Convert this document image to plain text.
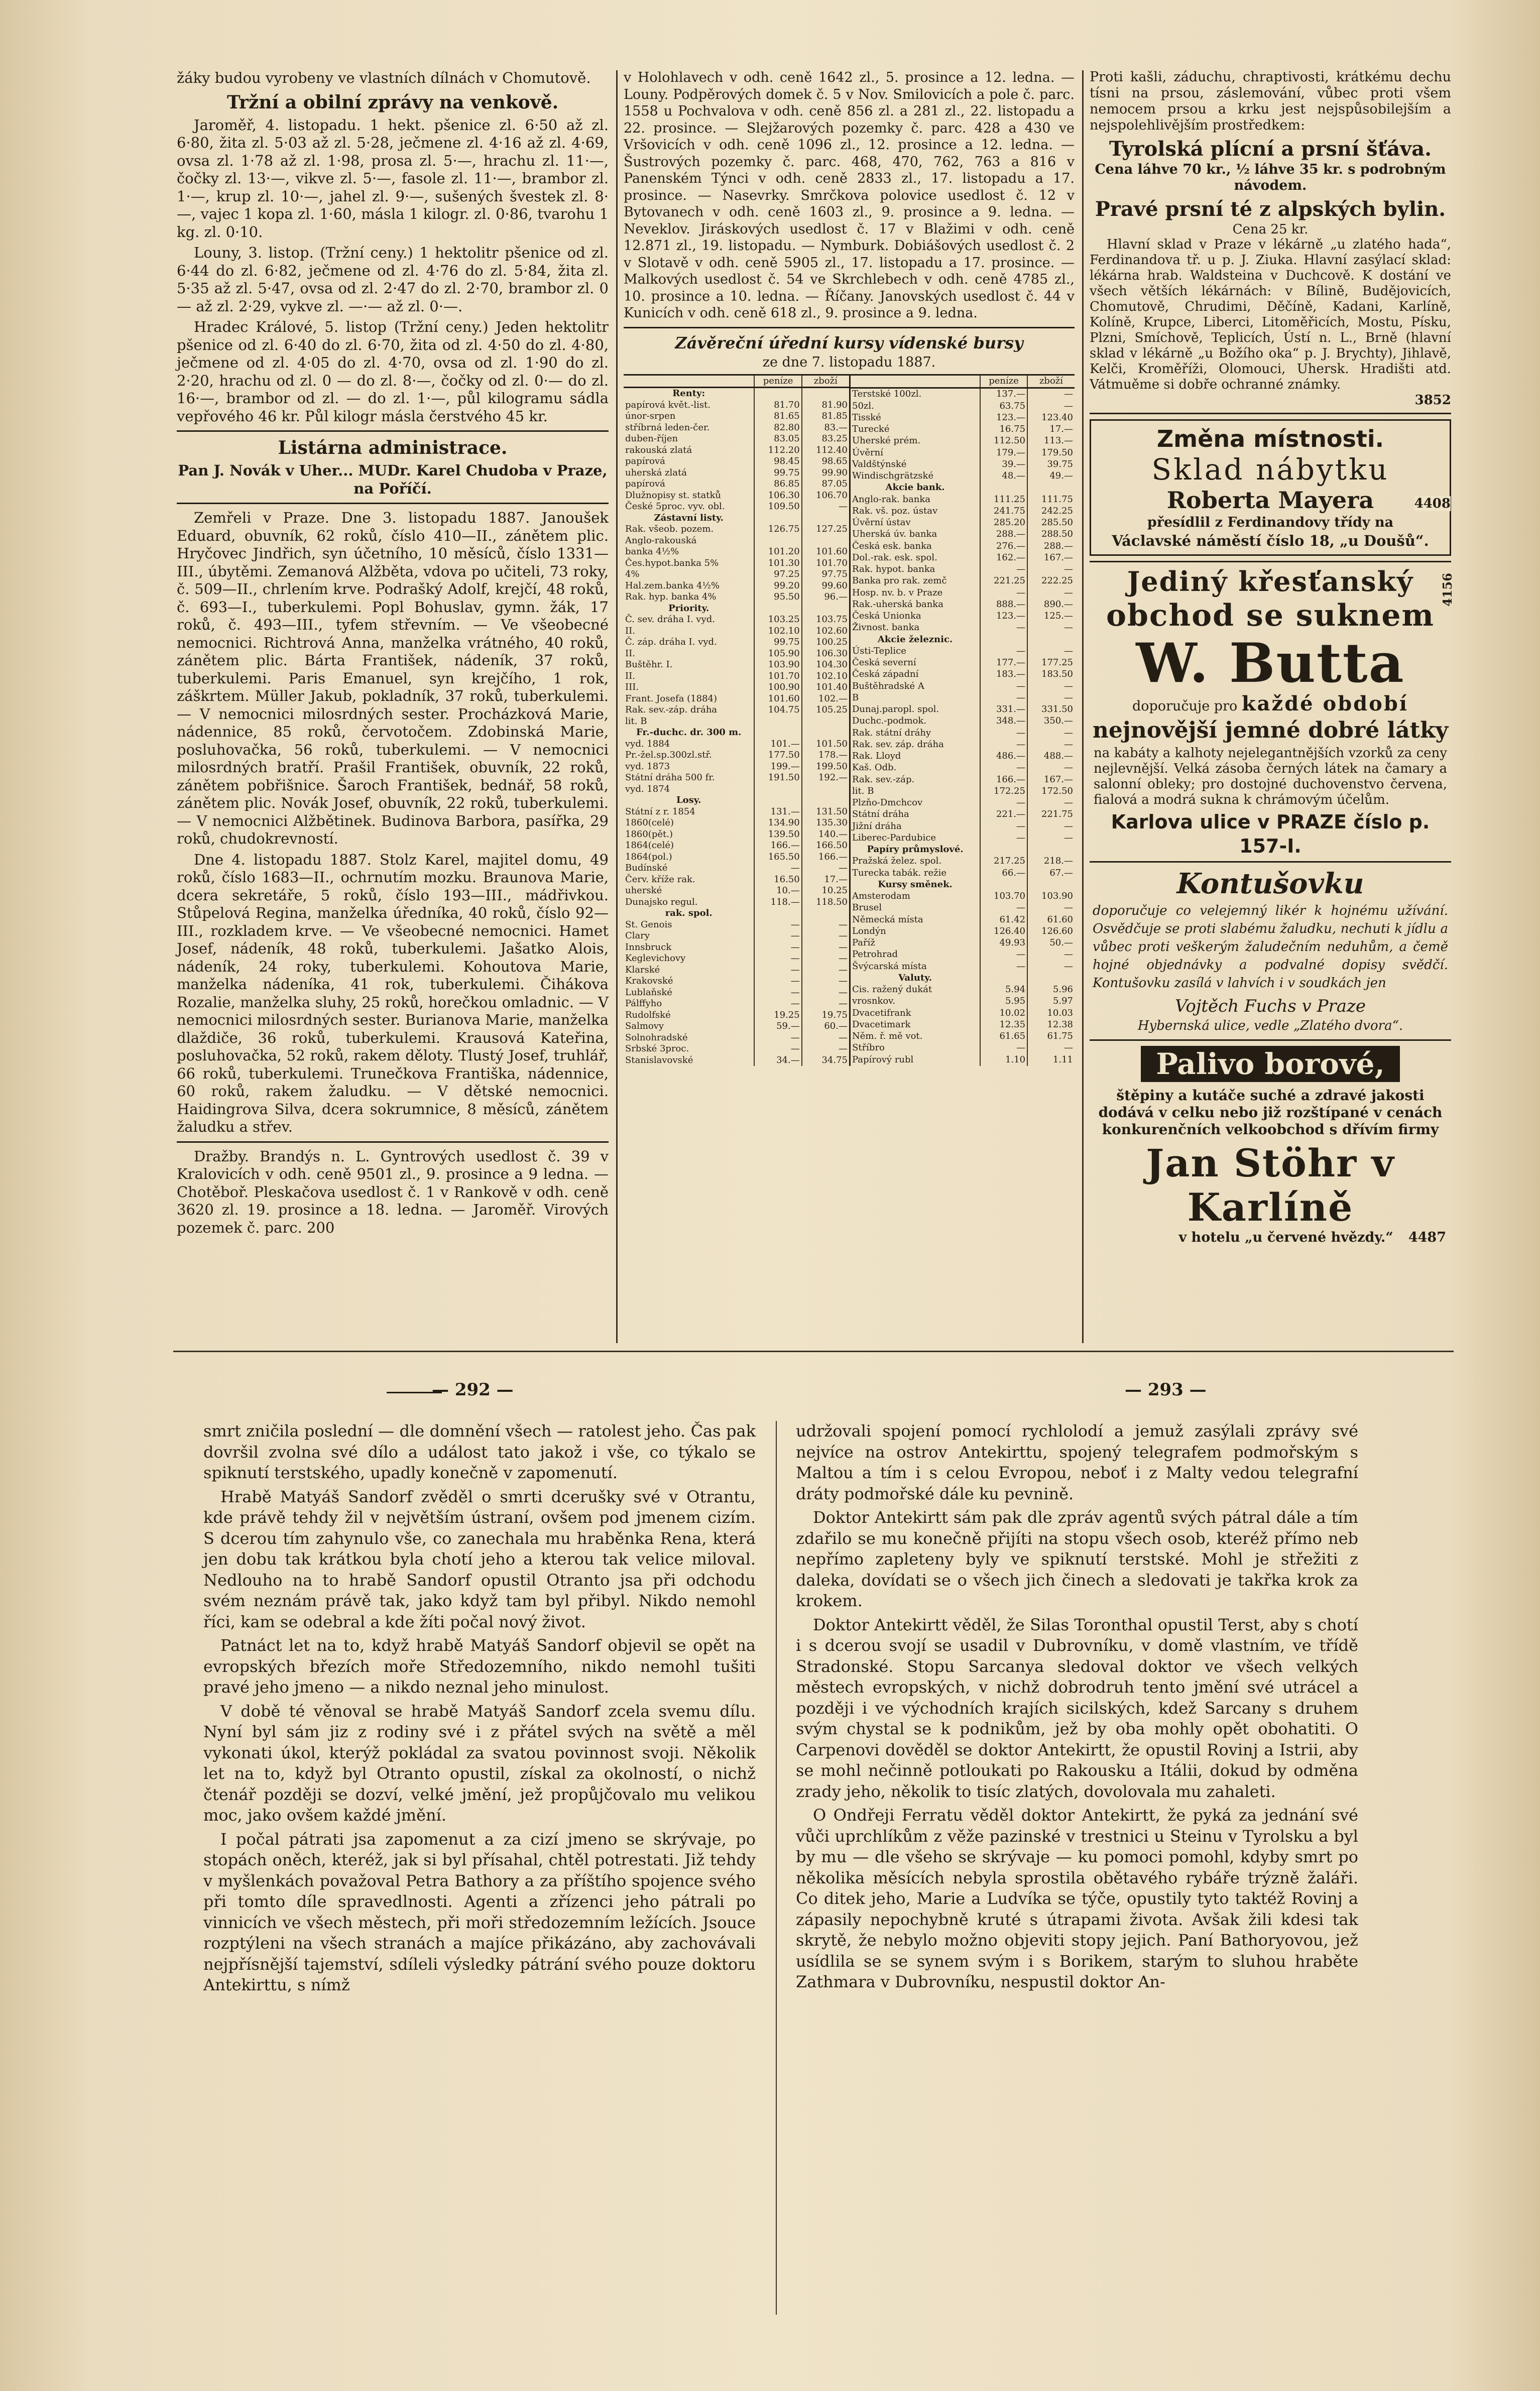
žáky budou vyrobeny ve vlastních dílnách v Chomutově.

Tržní a obilní zprávy na venkově.

Jaroměř, 4. listopadu. 1 hekt. pšenice zl. 6·50 až zl. 6·80, žita zl. 5·03 až zl. 5·28, ječmene zl. 4·16 až zl. 4·69, ovsa zl. 1·78 až zl. 1·98, prosa zl. 5·—, hrachu zl. 11·—, čočky zl. 13·—, vikve zl. 5·—, fasole zl. 11·—, brambor zl. 1·—, krup zl. 10·—, jahel zl. 9·—, sušených švestek zl. 8·—, vajec 1 kopa zl. 1·60, másla 1 kilogr. zl. 0·86, tvarohu 1 kg. zl. 0·10.

Louny, 3. listop. (Tržní ceny.) 1 hektolitr pšenice od zl. 6·44 do zl. 6·82, ječmene od zl. 4·76 do zl. 5·84, žita zl. 5·35 až zl. 5·47, ovsa od zl. 2·47 do zl. 2·70, brambor zl. 0 — až zl. 2·29, vykve zl. —·— až zl. 0·—.

Hradec Králové, 5. listop (Tržní ceny.) Jeden hektolitr pšenice od zl. 6·40 do zl. 6·70, žita od zl. 4·50 do zl. 4·80, ječmene od zl. 4·05 do zl. 4·70, ovsa od zl. 1·90 do zl. 2·20, hrachu od zl. 0 — do zl. 8·—, čočky od zl. 0·— do zl. 16·—, brambor od zl. — do zl. 1·—, půl kilogramu sádla vepřového 46 kr. Půl kilogr másla čerstvého 45 kr.

Listárna administrace.

Pan J. Novák v Uher... MUDr. Karel Chudoba v Praze, na Poříčí.

Zemřeli v Praze. Dne 3. listopadu 1887. Janoušek Eduard, obuvník, 62 roků, číslo 410—II., zánětem plic. Hryčovec Jindřich, syn účetního, 10 měsíců, číslo 1331—III., úbytěmi. Zemanová Alžběta, vdova po učiteli, 73 roky, č. 509—II., chrlením krve. Podrašký Adolf, krejčí, 48 roků, č. 693—I., tuberkulemi. Popl Bohuslav, gymn. žák, 17 roků, č. 493—III., tyfem střevním. — Ve všeobecné nemocnici. Richtrová Anna, manželka vrátného, 40 roků, zánětem plic. Bárta František, nádeník, 37 roků, tuberkulemi. Paris Emanuel, syn krejčího, 1 rok, záškrtem. Müller Jakub, pokladník, 37 roků, tuberkulemi. — V nemocnici milosrdných sester. Procházková Marie, nádennice, 85 roků, červotočem. Zdobinská Marie, posluhovačka, 56 roků, tuberkulemi. — V nemocnici milosrdných bratří. Prašil František, obuvník, 22 roků, zánětem pobřišnice. Šaroch František, bednář, 58 roků, zánětem plic. Novák Josef, obuvník, 22 roků, tuberkulemi. — V nemocnici Alžbětinek. Budinova Barbora, pasířka, 29 roků, chudokrevností.

Dne 4. listopadu 1887. Stolz Karel, majitel domu, 49 roků, číslo 1683—II., ochrnutím mozku. Braunova Marie, dcera sekretáře, 5 roků, číslo 193—III., mádřivkou. Stůpelová Regina, manželka úředníka, 40 roků, číslo 92—III., rozkladem krve. — Ve všeobecné nemocnici. Hamet Josef, nádeník, 48 roků, tuberkulemi. Jašatko Alois, nádeník, 24 roky, tuberkulemi. Kohoutova Marie, manželka nádeníka, 41 rok, tuberkulemi. Čihákova Rozalie, manželka sluhy, 25 roků, horečkou omladnic. — V nemocnici milosrdných sester. Burianova Marie, manželka dlaždiče, 36 roků, tuberkulemi. Krausová Kateřina, posluhovačka, 52 roků, rakem děloty. Tlustý Josef, truhlář, 66 roků, tuberkulemi. Trunečkova Františka, nádennice, 60 roků, rakem žaludku. — V dětské nemocnici. Haidingrova Silva, dcera sokrumnice, 8 měsíců, zánětem žaludku a střev.

Dražby. Brandýs n. L. Gyntrových usedlost č. 39 v Kralovicích v odh. ceně 9501 zl., 9. prosince a 9 ledna. — Chotěboř. Pleskačova usedlost č. 1 v Rankově v odh. ceně 3620 zl. 19. prosince a 18. ledna. — Jaroměř. Virových pozemek č. parc. 200

v Holohlavech v odh. ceně 1642 zl., 5. prosince a 12. ledna. — Louny. Podpěrových domek č. 5 v Nov. Smilovicích a pole č. parc. 1558 u Pochvalova v odh. ceně 856 zl. a 281 zl., 22. listopadu a 22. prosince. — Slejžarových pozemky č. parc. 428 a 430 ve Vršovicích v odh. ceně 1096 zl., 12. prosince a 12. ledna. — Šustrových pozemky č. parc. 468, 470, 762, 763 a 816 v Panenském Týnci v odh. ceně 2833 zl., 17. listopadu a 17. prosince. — Nasevrky. Smrčkova polovice usedlost č. 12 v Bytovanech v odh. ceně 1603 zl., 9. prosince a 9. ledna. — Neveklov. Jiráskových usedlost č. 17 v Blažimi v odh. ceně 12.871 zl., 19. listopadu. — Nymburk. Dobiášových usedlost č. 2 v Slotavě v odh. ceně 5905 zl., 17. listopadu a 17. prosince. — Malkových usedlost č. 54 ve Skrchlebech v odh. ceně 4785 zl., 10. prosince a 10. ledna. — Říčany. Janovských usedlost č. 44 v Kunicích v odh. ceně 618 zl., 9. prosince a 9. ledna.

Závěreční úřední kursy vídenské bursy
ze dne 7. listopadu 1887.
	peníze	zboží
Renty:		
papírová květ.-list.	81.70	81.90
únor-srpen	81.65	81.85
stříbrná leden-čer.	82.80	83.—
duben-říjen	83.05	83.25
rakouská zlatá	112.20	112.40
papírová	98.45	98.65
uherská zlatá	99.75	99.90
papírová	86.85	87.05
Dlužnopisy st. statků	106.30	106.70

České 5proc. vyv. obl.	109.50	—
Zástavní listy.		
Rak. všeob. pozem.	126.75	127.25
Anglo-rakouská		
banka 4½%	101.20	101.60
Čes.hypot.banka 5%	101.30	101.70
4%	97.25	97.75
Hal.zem.banka 4½%	99.20	99.60
Rak. hyp. banka 4%	95.50	96.—
Priority.		
Č. sev. dráha I. vyd.	103.25	103.75
II.	102.10	102.60
Č. záp. dráha I. vyd.	99.75	100.25
II.	105.90	106.30
Buštěhr. I.	103.90	104.30
II.	101.70	102.10
III.	100.90	101.40
Frant. Josefa (1884)	101.60	102.—
Rak. sev.-záp. dráha	104.75	105.25
lit. B		
Fr.-duchc. dr. 300 m.		
vyd. 1884	101.—	101.50
Pr.-žel.sp.300zl.stř.	177.50	178.—
vyd. 1873	199.—	199.50
Státní dráha 500 fr.	191.50	192.—
vyd. 1874		
Losy.		
Státní z r. 1854	131.—	131.50
1860(celé)	134.90	135.30
1860(pět.)	139.50	140.—
1864(celé)	166.—	166.50
1864(pol.)	165.50	166.—
Budínské	—	—
Červ. kříže rak.	16.50	17.—
uherské	10.—	10.25
Dunajsko regul.	118.—	118.50
rak. spol.		
St. Genois	—	—
Clary	—	—
Innsbruck	—	—
Keglevichovy	—	—
Klarské	—	—
Krakovské	—	—
Lublaňské	—	—
Pálffyho	—	—
Rudolfské	19.25	19.75
Salmovy	59.—	60.—
Solnohradské	—	—
Srbské 3proc.	—	—
Stanislavovské	34.—	34.75
	peníze	zboží
Terstské 100zl.	137.—	—
50zl.	63.75	—
Tisské	123.—	123.40
Turecké	16.75	17.—
Uherské prém.	112.50	113.—
Úvěrní	179.—	179.50
Valdštýnské	39.—	39.75
Windischgrätzské	48.—	49.—

Akcie bank.		
Anglo-rak. banka	111.25	111.75
Rak. vš. poz. ústav	241.75	242.25
Úvěrní ústav	285.20	285.50
Uherská úv. banka	288.—	288.50
Česká esk. banka	276.—	288.—
Dol.-rak. esk. spol.	162.—	167.—
Rak. hypot. banka	—	—
Banka pro rak. zemč	221.25	222.25
Hosp. nv. b. v Praze	—	—
Rak.-uherská banka	888.—	890.—
Česká Unionka	123.—	125.—
Živnost. banka	—	—
Akcie železnic.		
Ústi-Teplice	—	—
Česká severní	177.—	177.25
Česká západní	183.—	183.50
Buštěhradské A	—	—
B	—	—
Dunaj.paropl. spol.	331.—	331.50
Duchc.-podmok.	348.—	350.—
Rak. státní dráhy	—	—
Rak. sev. záp. dráha	—	—
Rak. Lloyd	486.—	488.—
Kaš. Odb.	—	—
Rak. sev.-záp.	166.—	167.—
lit. B	172.25	172.50
Plzňo-Dmchcov	—	—
Státní dráha	221.—	221.75
Jižní dráha	—	—
Liberec-Pardubice	—	—
Papíry průmyslové.		
Pražská želez. spol.	217.25	218.—
Turecka tabák. režie	66.—	67.—
Kursy směnek.		
Amsterodam	103.70	103.90
Brusel	—	—
Německá místa	61.42	61.60
Londýn	126.40	126.60
Paříž	49.93	50.—
Petrohrad	—	—
Švýcarská místa	—	—
Valuty.		
Cis. ražený dukát	5.94	5.96
vrosnkov.	5.95	5.97
Dvacetifrank	10.02	10.03
Dvacetimark	12.35	12.38
Něm. ř. mě vot.	61.65	61.75
Stříbro	—	—
Papírový rubl	1.10	1.11

Proti kašli, záduchu, chraptivosti, krátkému dechu tísni na prsou, záslemování, vůbec proti všem nemocem prsou a krku jest nejspůsobilejším a nejspolehlivějším prostředkem:

Tyrolská plícní a prsní šťáva.

Cena láhve 70 kr., ½ láhve 35 kr. s podrobným návodem.

Pravé prsní té z alpských bylin.
Cena 25 kr.

Hlavní sklad v Praze v lékárně „u zlatého hada“, Ferdinandova tř. u p. J. Ziuka. Hlavní zasýlací sklad: lékárna hrab. Waldsteina v Duchcově. K dostání ve všech větších lékárnách: v Bílině, Budějovicích, Chomutově, Chrudimi, Děčíně, Kadani, Karlíně, Kolíně, Krupce, Liberci, Litoměřicích, Mostu, Písku, Plzni, Smíchově, Teplicích, Ústí n. L., Brně (hlavní sklad v lékárně „u Božího oka“ p. J. Brychty), Jihlavě, Kelči, Kroměříži, Olomouci, Uhersk. Hradišti atd. Vátmuěme si dobře ochranné známky.

3852
Změna místnosti.
Sklad nábytku
Roberta Mayera
přesídlil z Ferdinandovy třídy na
Václavské náměstí číslo 18, „u Doušů“.
4408
Jediný křesťanský
obchod se suknem
W. Butta
doporučuje pro každé období
nejnovější jemné dobré látky

na kabáty a kalhoty nejelegantnějších vzorků za ceny nejlevnější. Velká zásoba černých látek na čamary a salonní obleky; pro dostojné duchovenstvo červena, fialová a modrá sukna k chrámovým účelům.

Karlova ulice v PRAZE číslo p. 157-I.
4156
Kontušovku

doporučuje co velejemný likér k hojnému užívání. Osvědčuje se proti slabému žaludku, nechuti k jídlu a vůbec proti veškerým žaludečním neduhům, a čemě hojné objednávky a podvalné dopisy svědčí. Kontušovku zasílá v lahvích i v soudkách jen

Vojtěch Fuchs v Praze
Hybernská ulice, vedle „Zlatého dvora“.
Palivo borové,

štěpiny a kutáče suché a zdravé jakosti dodává v celku nebo již rozštípané v cenách konkurenčních velkoobchod s dřívím firmy

Jan Stöhr v Karlíně
v hotelu „u červené hvězdy.“ 4487
— 292 —	— 293 —

smrt zničila poslední — dle domnění všech — ratolest jeho. Čas pak dovršil zvolna své dílo a událost tato jakož i vše, co týkalo se spiknutí terstského, upadly konečně v zapomenutí.

Hrabě Matyáš Sandorf zvěděl o smrti dcerušky své v Otrantu, kde právě tehdy žil v největším ústraní, ovšem pod jmenem cizím. S dcerou tím zahynulo vše, co zanechala mu hraběnka Rena, která jen dobu tak krátkou byla chotí jeho a kterou tak velice miloval. Nedlouho na to hrabě Sandorf opustil Otranto jsa při odchodu svém neznám právě tak, jako když tam byl přibyl. Nikdo nemohl říci, kam se odebral a kde žíti počal nový život.

Patnáct let na to, když hrabě Matyáš Sandorf objevil se opět na evropských březích moře Středozemního, nikdo nemohl tušiti pravé jeho jmeno — a nikdo neznal jeho minulost.

V době té věnoval se hrabě Matyáš Sandorf zcela svemu dílu. Nyní byl sám jiz z rodiny své i z přátel svých na světě a měl vykonati úkol, kterýž pokládal za svatou povinnost svoji. Několik let na to, když byl Otranto opustil, získal za okolností, o nichž čtenář později se dozví, velké jmění, jež propůjčovalo mu velikou moc, jako ovšem každé jmění.

I počal pátrati jsa zapomenut a za cizí jmeno se skrývaje, po stopách oněch, kteréž, jak si byl přísahal, chtěl potrestati. Již tehdy v myšlenkách považoval Petra Bathory a za příštího spojence svého při tomto díle spravedlnosti. Agenti a zřízenci jeho pátrali po vinnicích ve všech městech, při moři středozemním ležících. Jsouce rozptýleni na všech stranách a majíce přikázáno, aby zachovávali nejpřísnější tajemství, sdíleli výsledky pátrání svého pouze doktoru Antekirttu, s nímž

udržovali spojení pomocí rychlolodí a jemuž zasýlali zprávy své nejvíce na ostrov Antekirttu, spojený telegrafem podmořským s Maltou a tím i s celou Evropou, neboť i z Malty vedou telegrafní dráty podmořské dále ku pevnině.

Doktor Antekirtt sám pak dle zpráv agentů svých pátral dále a tím zdařilo se mu konečně přijíti na stopu všech osob, kteréž přímo neb nepřímo zapleteny byly ve spiknutí terstské. Mohl je střežiti z daleka, dovídati se o všech jich činech a sledovati je takřka krok za krokem.

Doktor Antekirtt věděl, že Silas Toronthal opustil Terst, aby s chotí i s dcerou svojí se usadil v Dubrovníku, v domě vlastním, ve třídě Stradonské. Stopu Sarcanya sledoval doktor ve všech velkých městech evropských, v nichž dobrodruh tento jmění své utrácel a později i ve východních krajích sicilských, kdež Sarcany s druhem svým chystal se k podnikům, jež by oba mohly opět obohatiti. O Carpenovi dověděl se doktor Antekirtt, že opustil Rovinj a Istrii, aby se mohl nečinně potloukati po Rakousku a Itálii, dokud by odměna zrady jeho, několik to tisíc zlatých, dovolovala mu zahaleti.

O Ondřeji Ferratu věděl doktor Antekirtt, že pyká za jednání své vůči uprchlíkům z věže pazinské v trestnici u Steinu v Tyrolsku a byl by mu — dle všeho se skrývaje — ku pomoci pomohl, kdyby smrt po několika měsících nebyla sprostila obětavého rybáře trýzně žaláři. Co ditek jeho, Marie a Ludvíka se týče, opustily tyto taktéž Rovinj a zápasily nepochybně kruté s útrapami života. Avšak žili kdesi tak skrytě, že nebylo možno objeviti stopy jejich. Paní Bathoryovou, jež usídlila se se synem svým i s Borikem, starým to sluhou hraběte Zathmara v Dubrovníku, nespustil doktor An-
